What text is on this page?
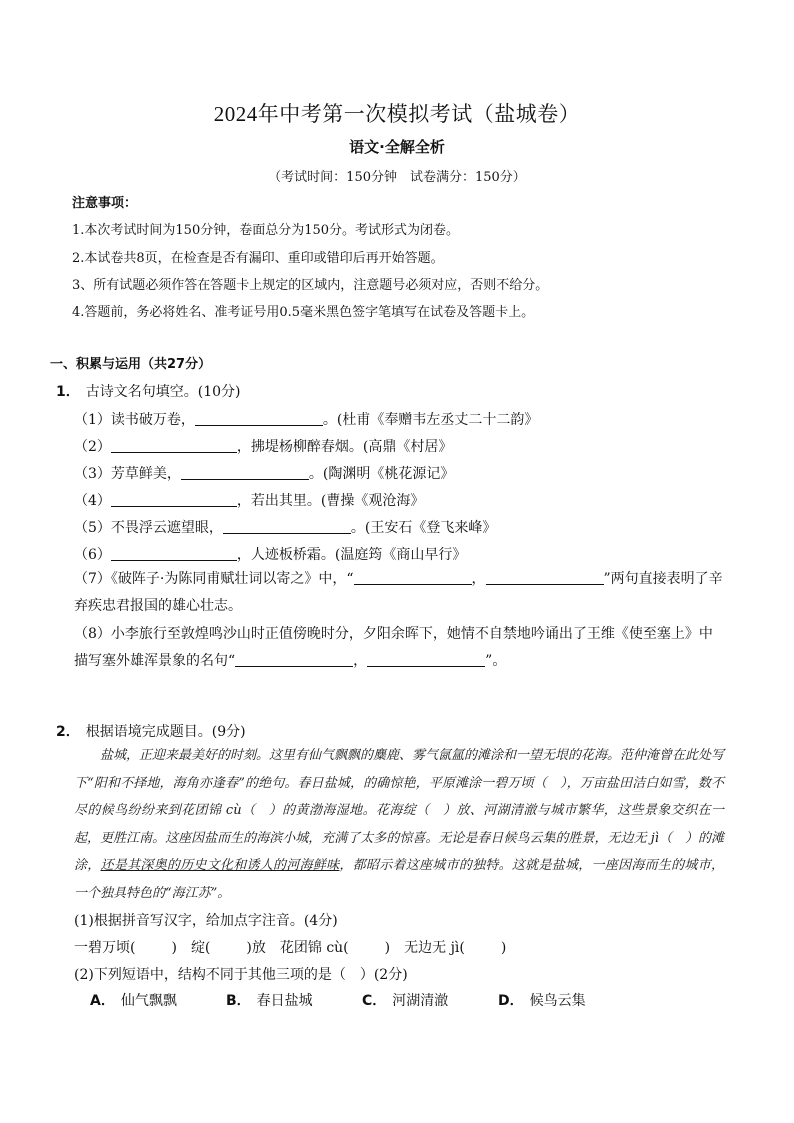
2024年中考第一次模拟考试（盐城卷）
语文·全解全析
（考试时间：150分钟　试卷满分：150分）
注意事项：
1.本次考试时间为150分钟，卷面总分为150分。考试形式为闭卷。
2.本试卷共8页，在检查是否有漏印、重印或错印后再开始答题。
3、所有试题必须作答在答题卡上规定的区域内，注意题号必须对应，否则不给分。
4.答题前，务必将姓名、准考证号用0.5毫米黑色签字笔填写在试卷及答题卡上。
一、积累与运用（共27分）
1． 古诗文名句填空。(10分)
（1）读书破万卷，	。(杜甫《奉赠韦左丞丈二十二韵》
（2）	，拂堤杨柳醉春烟。(高鼎《村居》
（3）芳草鲜美，	。(陶渊明《桃花源记》
（4）	，若出其里。(曹操《观沧海》
（5）不畏浮云遮望眼，	。(王安石《登飞来峰》
（6）	，人迹板桥霜。(温庭筠《商山早行》
（7）《破阵子·为陈同甫赋壮词以寄之》中，“	，	”两句直接表明了辛弃疾忠君报国的雄心壮志。
（8）小李旅行至敦煌鸣沙山时正值傍晚时分，夕阳余晖下，她情不自禁地吟诵出了王维《使至塞上》中描写塞外雄浑景象的名句“	，	”。
2． 根据语境完成题目。(9分)
盐城，正迎来最美好的时刻。这里有仙气飘飘的麋鹿、雾气氤氲的滩涂和一望无垠的花海。范仲淹曾在此处写下“阳和不择地，海角亦逢春”的绝句。春日盐城，的确惊艳，平原滩涂一碧万顷（　），万亩盐田洁白如雪，数不尽的候鸟纷纷来到花团锦 cù（　）的黄渤海湿地。花海绽（　）放、河湖清澈与城市繁华，这些景象交织在一起，更胜江南。这座因盐而生的海滨小城，充满了太多的惊喜。无论是春日候鸟云集的胜景，无边无 jì（　）的滩涂，还是其深奥的历史文化和诱人的河海鲜味，都昭示着这座城市的独特。这就是盐城，一座因海而生的城市，一个独具特色的“海江苏”。
(1)根据拼音写汉字，给加点字注音。(4分)
一碧万顷(	) 绽(	)放 花团锦 cù(	) 无边无 jì(	)
(2)下列短语中，结构不同于其他三项的是（　）(2分)
A． 仙气飘飘	B． 春日盐城	C． 河湖清澈	D． 候鸟云集
